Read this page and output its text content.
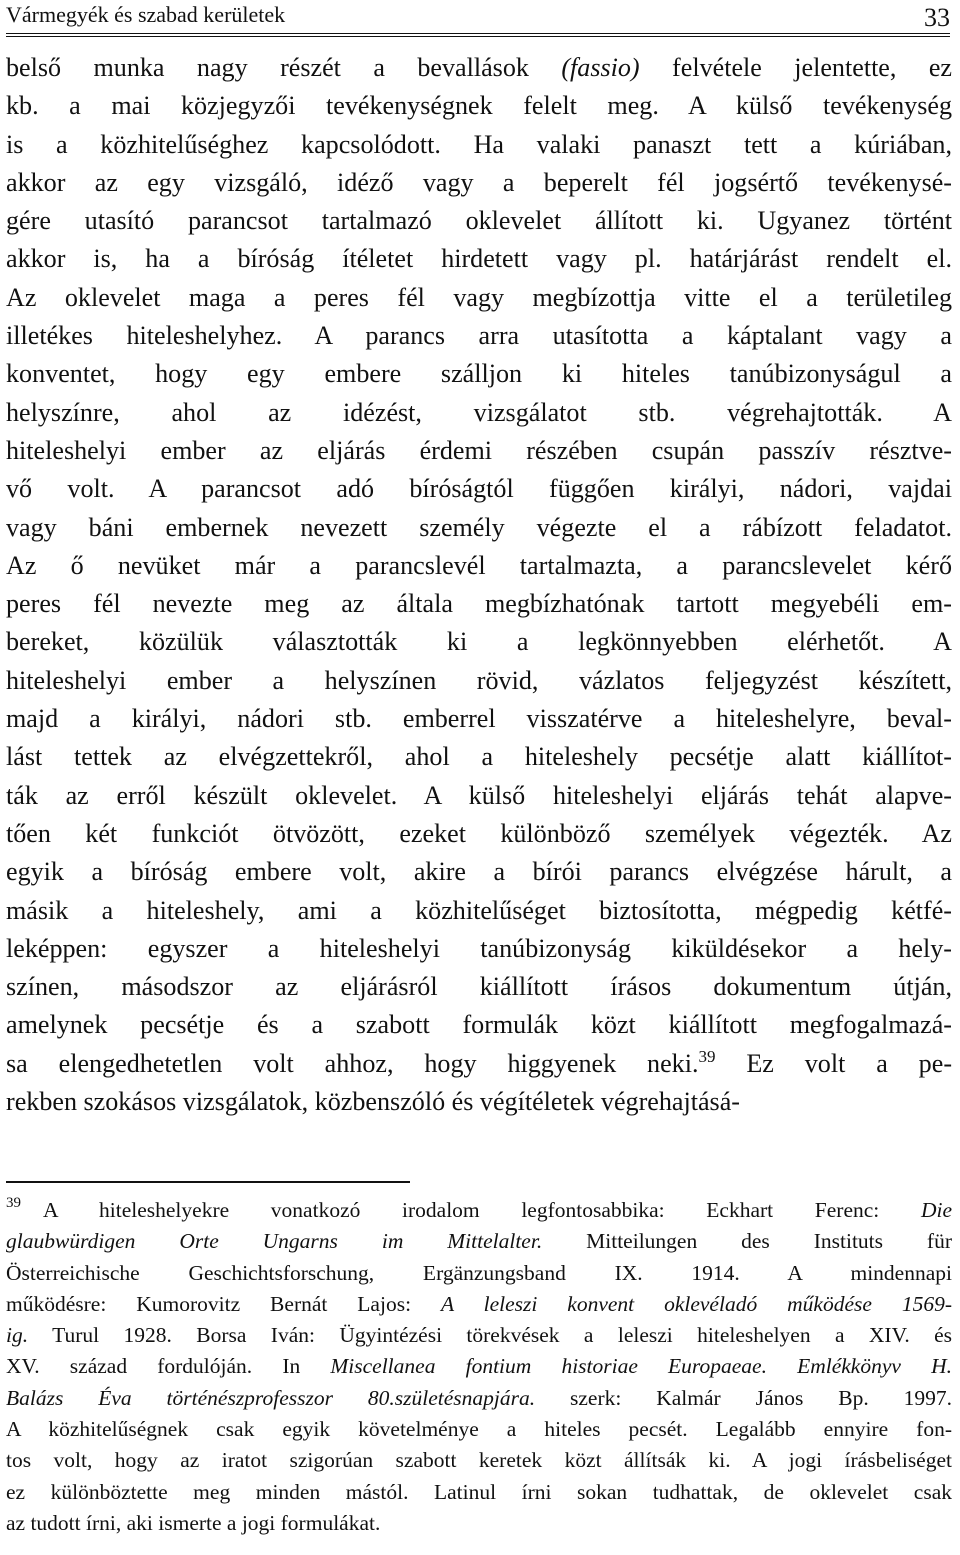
Vármegyék és szabad kerületek	33
belső munka nagy részét a bevallások (fassio) felvétele jelentette, ez
kb. a mai közjegyzői tevékenységnek felelt meg. A külső tevékenység
is a közhitelűséghez kapcsolódott. Ha valaki panaszt tett a kúriában,
akkor az egy vizsgáló, idéző vagy a beperelt fél jogsértő tevékenysé-
gére utasító parancsot tartalmazó oklevelet állított ki. Ugyanez történt
akkor is, ha a bíróság ítéletet hirdetett vagy pl. határjárást rendelt el.
Az oklevelet maga a peres fél vagy megbízottja vitte el a területileg
illetékes hiteleshelyhez. A parancs arra utasította a káptalant vagy a
konventet, hogy egy embere szálljon ki hiteles tanúbizonyságul a
helyszínre, ahol az idézést, vizsgálatot stb. végrehajtották. A
hiteleshelyi ember az eljárás érdemi részében csupán passzív résztve-
vő volt. A parancsot adó bíróságtól függően királyi, nádori, vajdai
vagy báni embernek nevezett személy végezte el a rábízott feladatot.
Az ő nevüket már a parancslevél tartalmazta, a parancslevelet kérő
peres fél nevezte meg az általa megbízhatónak tartott megyebéli em-
bereket, közülük választották ki a legkönnyebben elérhetőt. A
hiteleshelyi ember a helyszínen rövid, vázlatos feljegyzést készített,
majd a királyi, nádori stb. emberrel visszatérve a hiteleshelyre, beval-
lást tettek az elvégzettekről, ahol a hiteleshely pecsétje alatt kiállítot-
ták az erről készült oklevelet. A külső hiteleshelyi eljárás tehát alapve-
tően két funkciót ötvözött, ezeket különböző személyek végezték. Az
egyik a bíróság embere volt, akire a bírói parancs elvégzése hárult, a
másik a hiteleshely, ami a közhitelűséget biztosította, mégpedig kétfé-
leképpen: egyszer a hiteleshelyi tanúbizonyság kiküldésekor a hely-
színen, másodszor az eljárásról kiállított írásos dokumentum útján,
amelynek pecsétje és a szabott formulák közt kiállított megfogalmazá-
sa elengedhetetlen volt ahhoz, hogy higgyenek neki.$^{39}$ Ez volt a pe-
rekben szokásos vizsgálatok, közbenszóló és végítéletek végrehajtásá-
$^{39}$ A hiteleshelyekre vonatkozó irodalom legfontosabbika: Eckhart Ferenc: Die
glaubwürdigen Orte Ungarns im Mittelalter. Mitteilungen des Instituts für
Österreichische Geschichtsforschung, Ergänzungsband IX. 1914. A mindennapi
működésre: Kumorovitz Bernát Lajos: A leleszi konvent oklevéladó működése 1569-
ig. Turul 1928. Borsa Iván: Ügyintézési törekvések a leleszi hiteleshelyen a XIV. és
XV. század fordulóján. In Miscellanea fontium historiae Europaeae. Emlékkönyv H.
Balázs Éva történészprofesszor 80.születésnapjára. szerk: Kalmár János Bp. 1997.
A közhitelűségnek csak egyik követelménye a hiteles pecsét. Legalább ennyire fon-
tos volt, hogy az iratot szigorúan szabott keretek közt állítsák ki. A jogi írásbeliséget
ez különböztette meg minden mástól. Latinul írni sokan tudhattak, de oklevelet csak
az tudott írni, aki ismerte a jogi formulákat.
